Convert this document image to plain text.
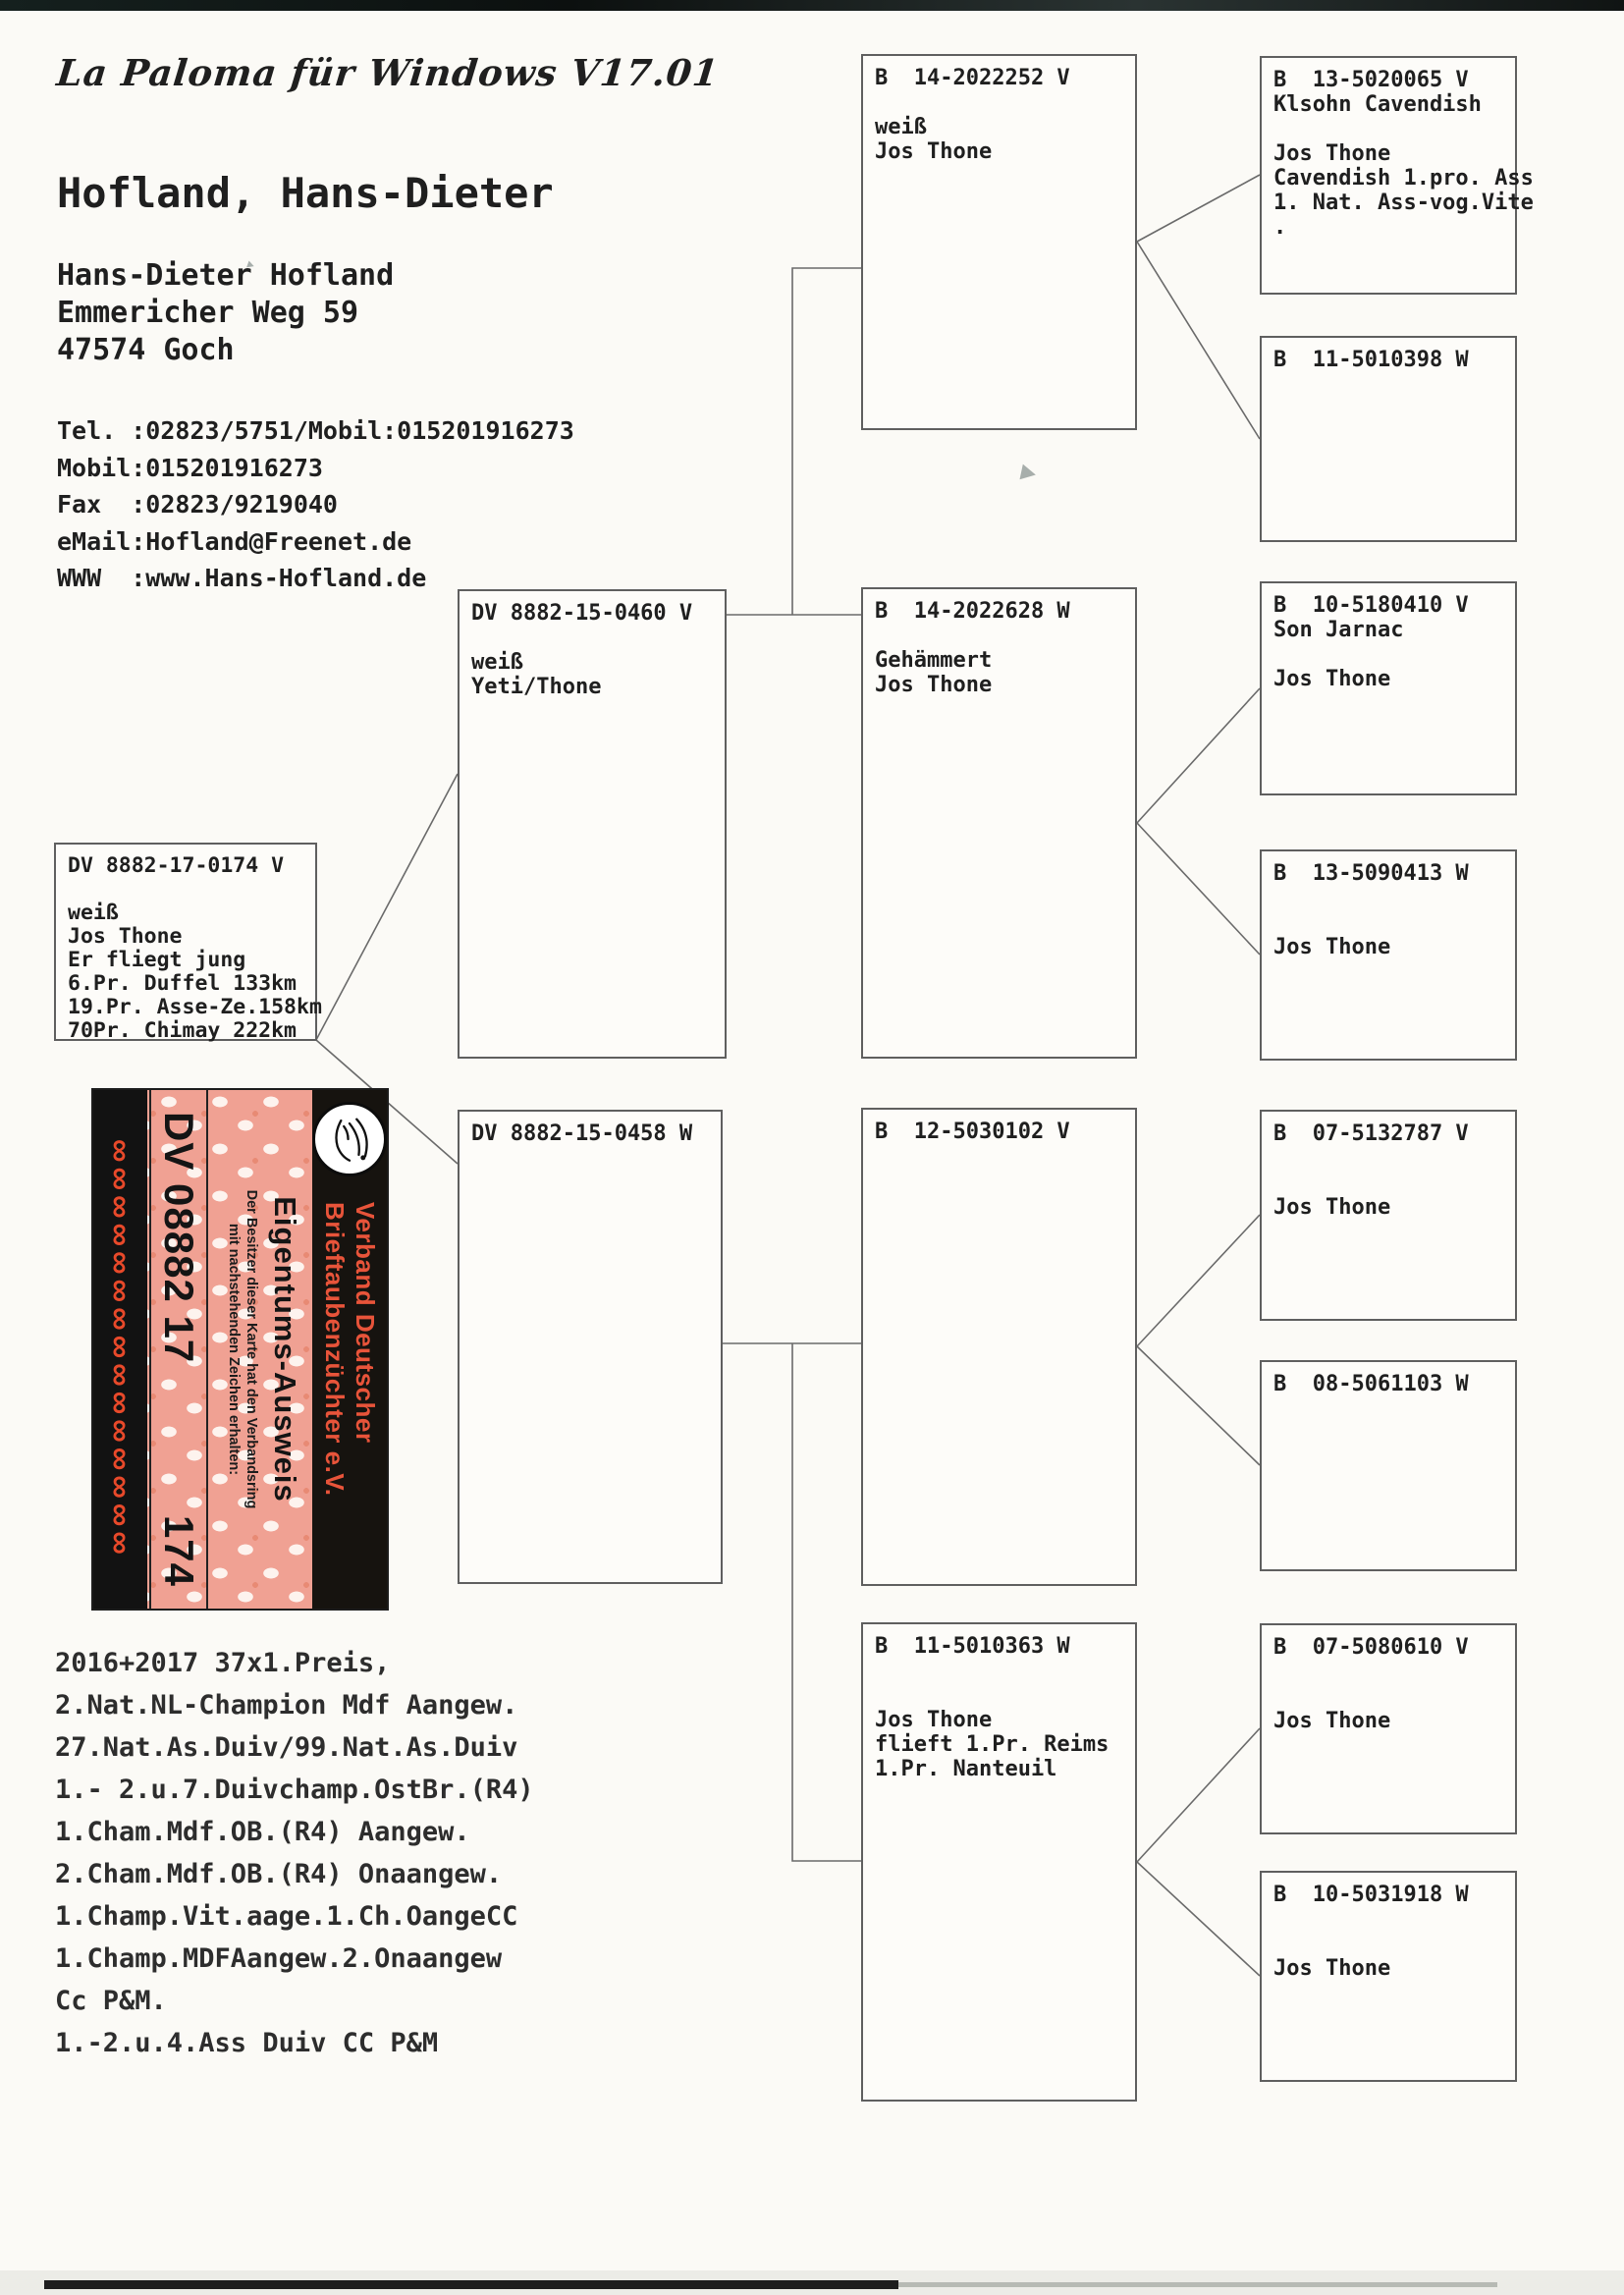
La Paloma für Windows V17.01
Hofland, Hans-Dieter
Hans-Dieter Hofland
Emmericher Weg 59
47574 Goch
Tel. :02823/5751/Mobil:015201916273
Mobil:015201916273
Fax  :02823/9219040
eMail:Hofland@Freenet.de
WWW  :www.Hans-Hofland.de
2016+2017 37x1.Preis,
2.Nat.NL-Champion Mdf Aangew.
27.Nat.As.Duiv/99.Nat.As.Duiv
1.- 2.u.7.Duivchamp.OstBr.(R4)
1.Cham.Mdf.OB.(R4) Aangew.
2.Cham.Mdf.OB.(R4) Onaangew.
1.Champ.Vit.aage.1.Ch.OangeCC
1.Champ.MDFAangew.2.Onaangew
Cc P&M.
1.-2.u.4.Ass Duiv CC P&M
DV 8882-17-0174 V

weiß
Jos Thone
Er fliegt jung
6.Pr. Duffel 133km
19.Pr. Asse-Ze.158km
70Pr. Chimay 222km
DV 8882-15-0460 V

weiß
Yeti/Thone
DV 8882-15-0458 W
B  14-2022252 V

weiß
Jos Thone
B  14-2022628 W

Gehämmert
Jos Thone
B  12-5030102 V
B  11-5010363 W

Jos Thone
flieft 1.Pr. Reims
1.Pr. Nanteuil
B  13-5020065 V
Klsohn Cavendish

Jos Thone
Cavendish 1.pro. Ass
1. Nat. Ass-vog.Vite
.
B  11-5010398 W
B  10-5180410 V
Son Jarnac

Jos Thone
B  13-5090413 W

Jos Thone
B  07-5132787 V

Jos Thone
B  08-5061103 W
B  07-5080610 V

Jos Thone
B  10-5031918 W

Jos Thone
Verband Deutscher
Brieftaubenzüchter e.V.
Eigentums-Ausweis
Der Besitzer dieser Karte hat den Verbandsring
mit nachstehenden Zeichen erhalten:
DV 08882 17
174
∞∞∞∞∞∞∞∞∞∞∞∞∞∞∞
